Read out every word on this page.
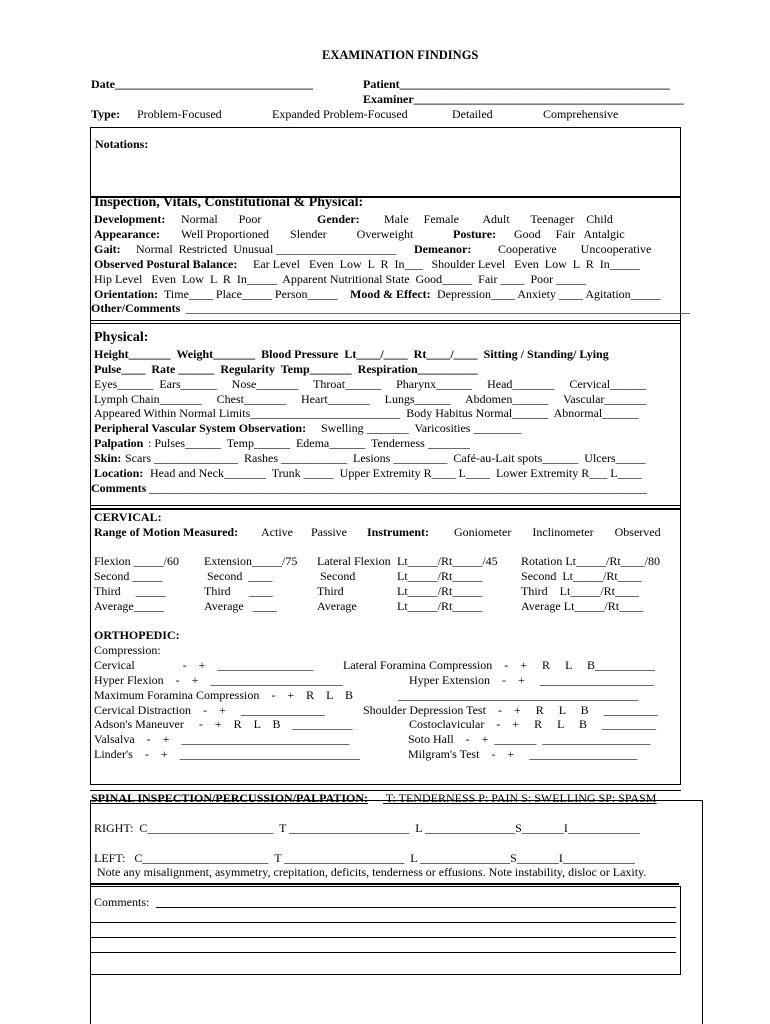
EXAMINATION FINDINGS
Date_________________________________	Patient_____________________________________________
Examiner_____________________________________________
Type: Problem-Focused	Expanded Problem-Focused	Detailed	Comprehensive
Notations:
Inspection, Vitals, Constitutional & Physical:
Development: Normal       Poor	Gender: Male     Female        Adult       Teenager    Child
Appearance: Well Proportioned       Slender          Overweight	Posture: Good     Fair   Antalgic
Gait: Normal  Restricted  Unusual ____________________ Demeanor: Cooperative        Uncooperative
Observed Postural Balance: Ear Level   Even  Low  L  R  In___   Shoulder Level   Even  Low  L  R  In_____
Hip Level   Even  Low  L  R  In_____  Apparent Nutritional State  Good_____  Fair ____  Poor _____
Orientation: Time____ Place_____ Person_____ Mood & Effect: Depression____ Anxiety ____ Agitation_____
Other/Comments ____________________________________________________________________________________
Physical:
Height_______  Weight_______  Blood Pressure  Lt____/____  Rt____/____  Sitting / Standing/ Lying
Pulse____  Rate ______  Regularity  Temp_______  Respiration__________
Eyes______  Ears______     Nose_______     Throat______     Pharynx______     Head_______     Cervical______
Lymph Chain_______     Chest_______     Heart_______     Lungs______     Abdomen______     Vascular_______
Appeared Within Normal Limits_________________________  Body Habitus Normal______  Abnormal______
Peripheral Vascular System Observation: Swelling _______  Varicosities ________
Palpation : Pulses______  Temp______  Edema______  Tenderness _______
Skin: Scars ______________  Rashes ___________  Lesions _________  Café-au-Lait spots______  Ulcers_____
Location: Head and Neck_______  Trunk _____  Upper Extremity R____ L____  Lower Extremity R___ L____
Comments ___________________________________________________________________________________
CERVICAL:
Range of Motion Measured: Active      Passive Instrument: Goniometer       Inclinometer       Observed
Flexion _____/60 Extension_____/75 Lateral Flexion Lt_____/Rt_____/45 Rotation Lt_____/Rt____/80
Second _____	Second  ____	Second	Lt_____/Rt_____	Second  Lt_____/Rt____
Third     _____	Third      ____	Third	Lt_____/Rt_____	Third    Lt_____/Rt____
Average_____	Average   ____	Average	Lt_____/Rt_____	Average Lt_____/Rt____
ORTHOPEDIC:
Compression:
Cervical                -    +    ________________ Lateral Foramina Compression    -    +     R     L     B__________
Hyper Flexion    -    +    ______________________	Hyper Extension    -    +     ___________________
Maximum Foramina Compression    -    +    R    L    B	________________________________________
Cervical Distraction    -    +     ______________	Shoulder Depression Test    -    +     R     L     B     _________
Adson's Maneuver     -    +    R    L    B    __________	Costoclavicular    -    +     R     L     B     _________
Valsalva    -    +    ____________________________	Soto Hall    -    +  _______  __________________
Linder's    -    +    ______________________________	Milgram's Test    -    +     __________________
SPINAL INSPECTION/PERCUSSION/PALPATION: T: TENDERNESS P: PAIN S: SWELLING SP: SPASM
RIGHT:  C_____________________  T ____________________  L _______________S_______I____________
LEFT:   C_____________________  T ____________________  L _______________S_______I____________
Note any misalignment, asymmetry, crepitation, deficits, tenderness or effusions. Note instability, disloc or Laxity.
Comments:
